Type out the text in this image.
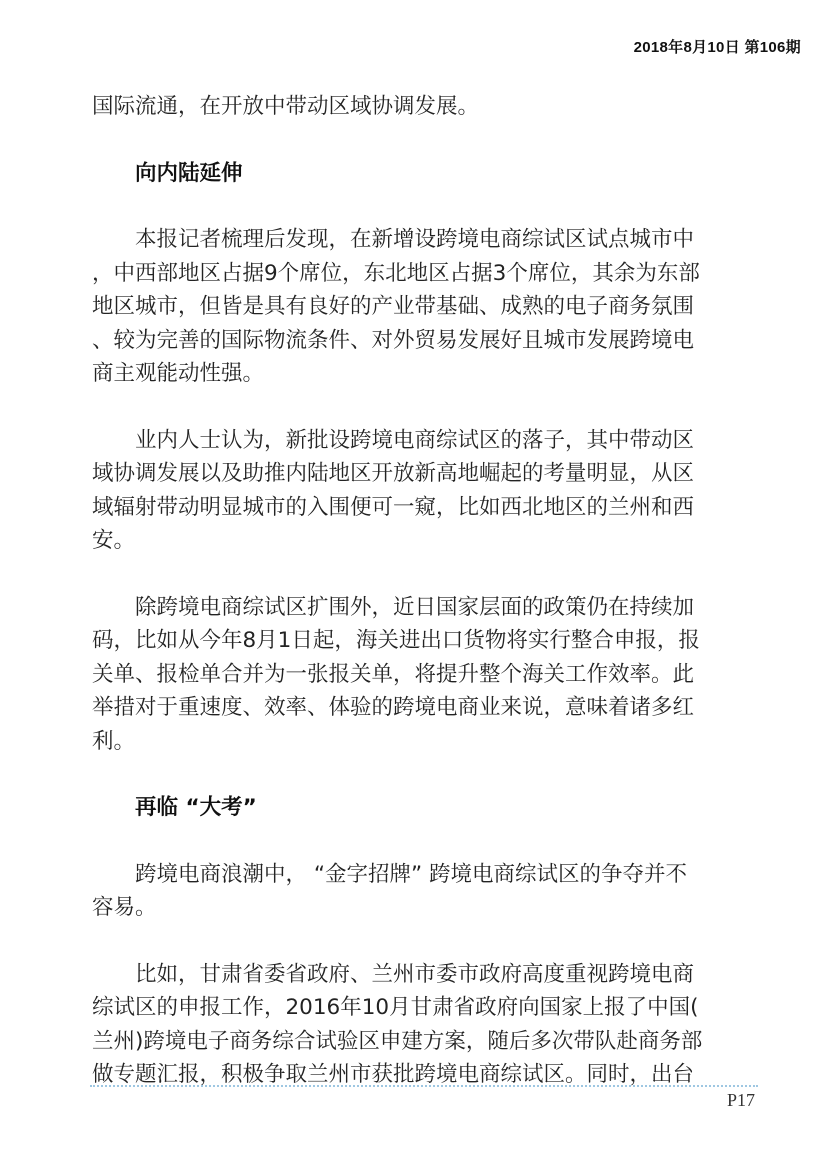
2018年8月10日 第106期
国际流通，在开放中带动区域协调发展。
向内陆延伸
本报记者梳理后发现，在新增设跨境电商综试区试点城市中
，中西部地区占据9个席位，东北地区占据3个席位，其余为东部
地区城市，但皆是具有良好的产业带基础、成熟的电子商务氛围
、较为完善的国际物流条件、对外贸易发展好且城市发展跨境电
商主观能动性强。
业内人士认为，新批设跨境电商综试区的落子，其中带动区
域协调发展以及助推内陆地区开放新高地崛起的考量明显，从区
域辐射带动明显城市的入围便可一窥，比如西北地区的兰州和西
安。
除跨境电商综试区扩围外，近日国家层面的政策仍在持续加
码，比如从今年8月1日起，海关进出口货物将实行整合申报，报
关单、报检单合并为一张报关单，将提升整个海关工作效率。此
举措对于重速度、效率、体验的跨境电商业来说，意味着诸多红
利。
再临 “大考”
跨境电商浪潮中， “金字招牌” 跨境电商综试区的争夺并不
容易。
比如，甘肃省委省政府、兰州市委市政府高度重视跨境电商
综试区的申报工作，2016年10月甘肃省政府向国家上报了中国(
兰州)跨境电子商务综合试验区申建方案，随后多次带队赴商务部
做专题汇报，积极争取兰州市获批跨境电商综试区。同时，出台
P17
